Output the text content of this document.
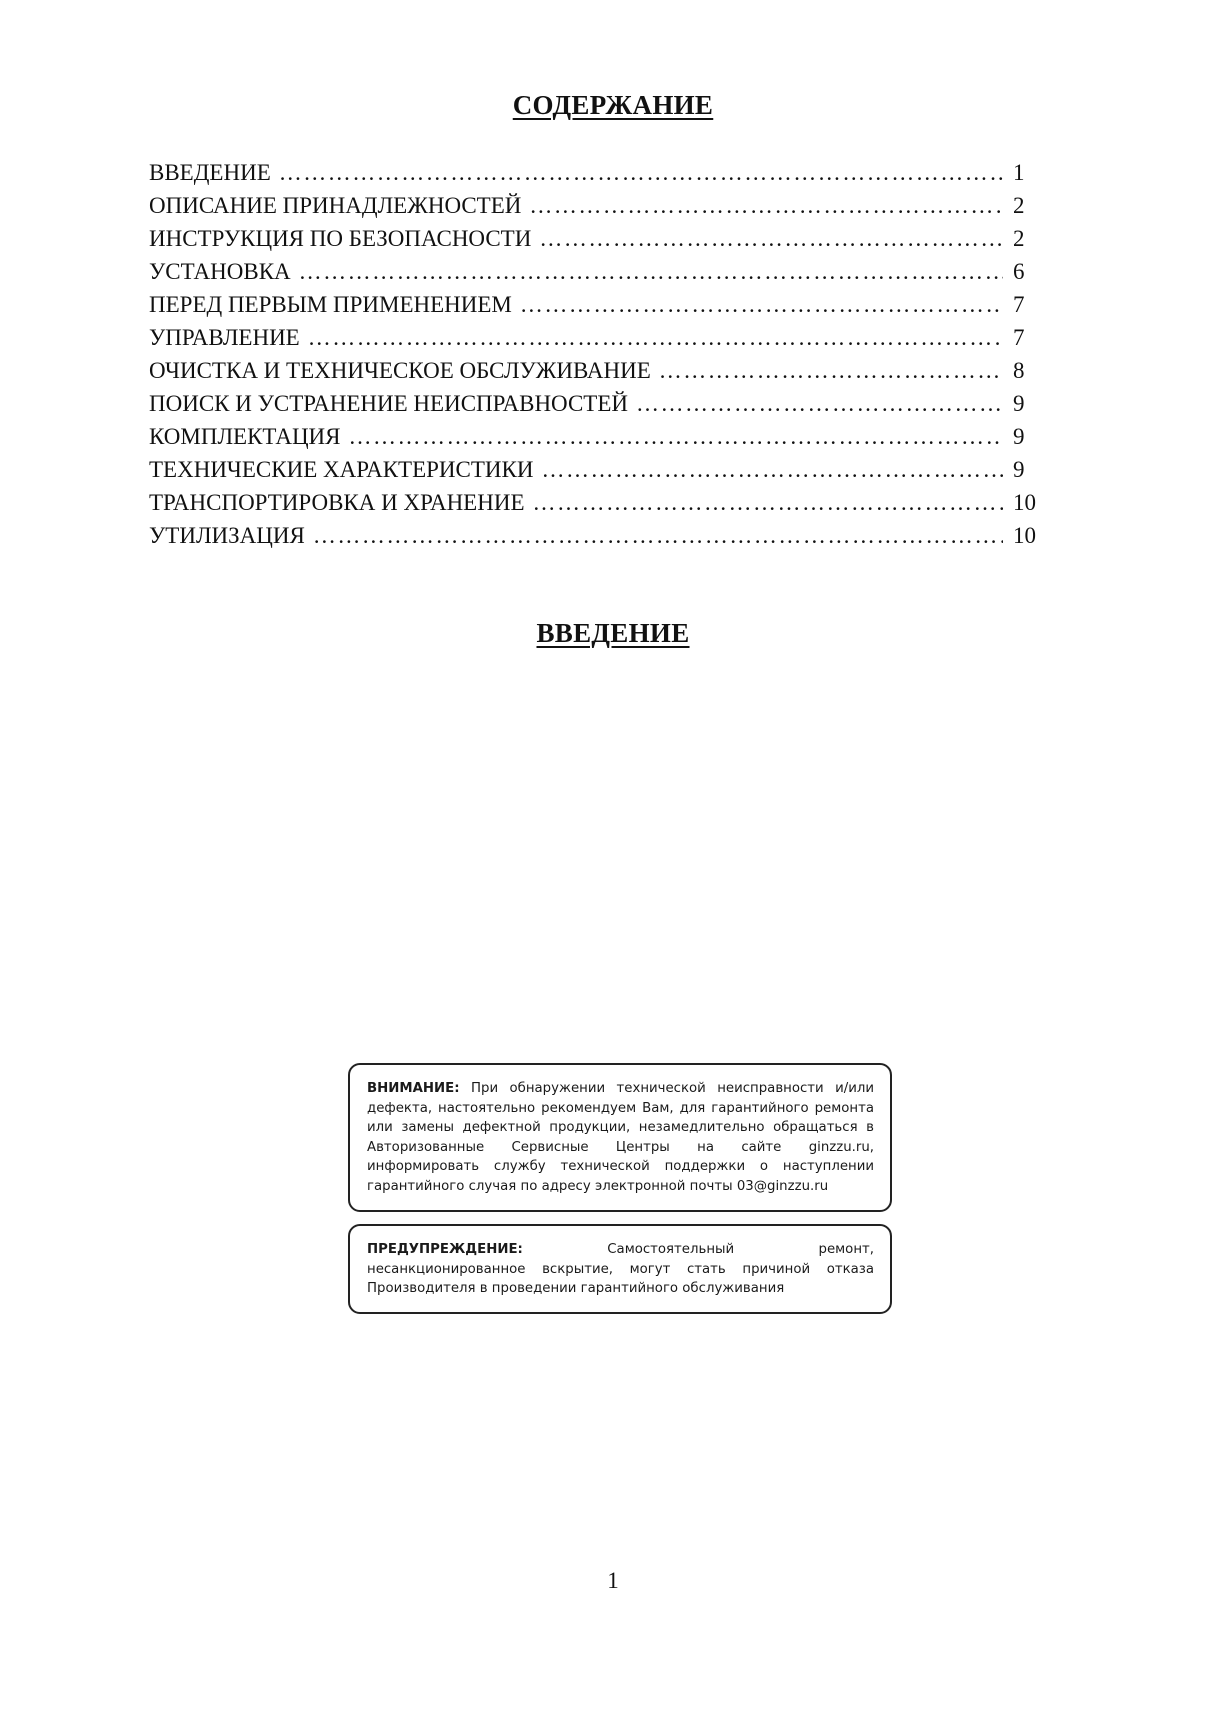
СОДЕРЖАНИЕ
ВВЕДЕНИЕ …………………………………………………………………………………………………………………………………………………………………………………	1
ОПИСАНИЕ ПРИНАДЛЕЖНОСТЕЙ …………………………………………………………………………………………………………………………………………………………………………………	2
ИНСТРУКЦИЯ ПО БЕЗОПАСНОСТИ …………………………………………………………………………………………………………………………………………………………………………………	2
УСТАНОВКА …………………………………………………………………………………………………………………………………………………………………………………	6
ПЕРЕД ПЕРВЫМ ПРИМЕНЕНИЕМ …………………………………………………………………………………………………………………………………………………………………………………	7
УПРАВЛЕНИЕ …………………………………………………………………………………………………………………………………………………………………………………	7
ОЧИСТКА И ТЕХНИЧЕСКОЕ ОБСЛУЖИВАНИЕ …………………………………………………………………………………………………………………………………………………………………………………	8
ПОИСК И УСТРАНЕНИЕ НЕИСПРАВНОСТЕЙ …………………………………………………………………………………………………………………………………………………………………………………	9
КОМПЛЕКТАЦИЯ …………………………………………………………………………………………………………………………………………………………………………………	9
ТЕХНИЧЕСКИЕ ХАРАКТЕРИСТИКИ …………………………………………………………………………………………………………………………………………………………………………………	9
ТРАНСПОРТИРОВКА И ХРАНЕНИЕ …………………………………………………………………………………………………………………………………………………………………………………	10
УТИЛИЗАЦИЯ …………………………………………………………………………………………………………………………………………………………………………………	10
ВВЕДЕНИЕ
ВНИМАНИЕ: При обнаружении технической неисправности и/или дефекта, настоятельно рекомендуем Вам, для гарантийного ремонта или замены дефектной продукции, незамедлительно обращаться в Авторизованные Сервисные Центры на сайте ginzzu.ru, информировать службу технической поддержки о наступлении гарантийного случая по адресу электронной почты 03@ginzzu.ru
ПРЕДУПРЕЖДЕНИЕ:	Самостоятельный ремонт, несанкционированное вскрытие, могут стать причиной отказа Производителя в проведении гарантийного обслуживания
1
